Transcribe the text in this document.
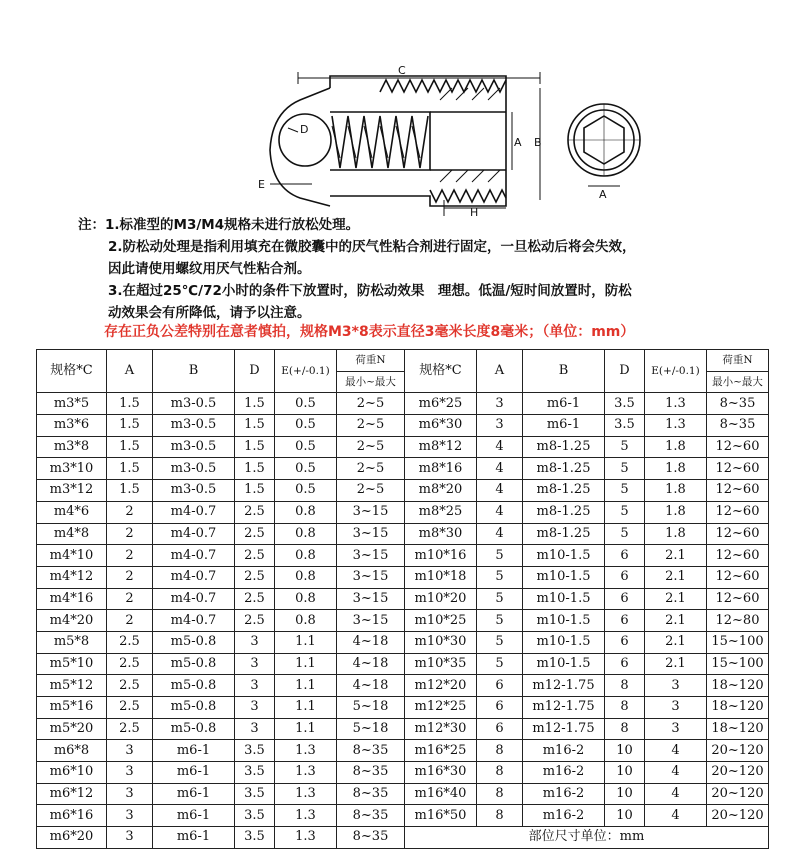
C
D
E
A B
H
A
注：1.标准型的M3/M4规格未进行放松处理。
2.防松动处理是指利用填充在微胶囊中的厌气性粘合剂进行固定，一旦松动后将会失效，
因此请使用螺纹用厌气性粘合剂。
3.在超过25℃/72小时的条件下放置时，防松动效果　理想。低温/短时间放置时，防松
动效果会有所降低，请予以注意。
存在正负公差特别在意者慎拍，规格M3*8表示直径3毫米长度8毫米；（单位：mm）
规格*C	A	B	D	E(+/-0.1)	荷重N	规格*C	A	B	D	E(+/-0.1)	荷重N
					最小~最大						最小~最大
m3*5	1.5	m3-0.5	1.5	0.5	2~5	m6*25	3	m6-1	3.5	1.3	8~35
m3*6	1.5	m3-0.5	1.5	0.5	2~5	m6*30	3	m6-1	3.5	1.3	8~35
m3*8	1.5	m3-0.5	1.5	0.5	2~5	m8*12	4	m8-1.25	5	1.8	12~60
m3*10	1.5	m3-0.5	1.5	0.5	2~5	m8*16	4	m8-1.25	5	1.8	12~60
m3*12	1.5	m3-0.5	1.5	0.5	2~5	m8*20	4	m8-1.25	5	1.8	12~60
m4*6	2	m4-0.7	2.5	0.8	3~15	m8*25	4	m8-1.25	5	1.8	12~60
m4*8	2	m4-0.7	2.5	0.8	3~15	m8*30	4	m8-1.25	5	1.8	12~60
m4*10	2	m4-0.7	2.5	0.8	3~15	m10*16	5	m10-1.5	6	2.1	12~60
m4*12	2	m4-0.7	2.5	0.8	3~15	m10*18	5	m10-1.5	6	2.1	12~60
m4*16	2	m4-0.7	2.5	0.8	3~15	m10*20	5	m10-1.5	6	2.1	12~60
m4*20	2	m4-0.7	2.5	0.8	3~15	m10*25	5	m10-1.5	6	2.1	12~80
m5*8	2.5	m5-0.8	3	1.1	4~18	m10*30	5	m10-1.5	6	2.1	15~100
m5*10	2.5	m5-0.8	3	1.1	4~18	m10*35	5	m10-1.5	6	2.1	15~100
m5*12	2.5	m5-0.8	3	1.1	4~18	m12*20	6	m12-1.75	8	3	18~120
m5*16	2.5	m5-0.8	3	1.1	5~18	m12*25	6	m12-1.75	8	3	18~120
m5*20	2.5	m5-0.8	3	1.1	5~18	m12*30	6	m12-1.75	8	3	18~120
m6*8	3	m6-1	3.5	1.3	8~35	m16*25	8	m16-2	10	4	20~120
m6*10	3	m6-1	3.5	1.3	8~35	m16*30	8	m16-2	10	4	20~120
m6*12	3	m6-1	3.5	1.3	8~35	m16*40	8	m16-2	10	4	20~120
m6*16	3	m6-1	3.5	1.3	8~35	m16*50	8	m16-2	10	4	20~120
m6*20	3	m6-1	3.5	1.3	8~35	部位尺寸单位：mm					
